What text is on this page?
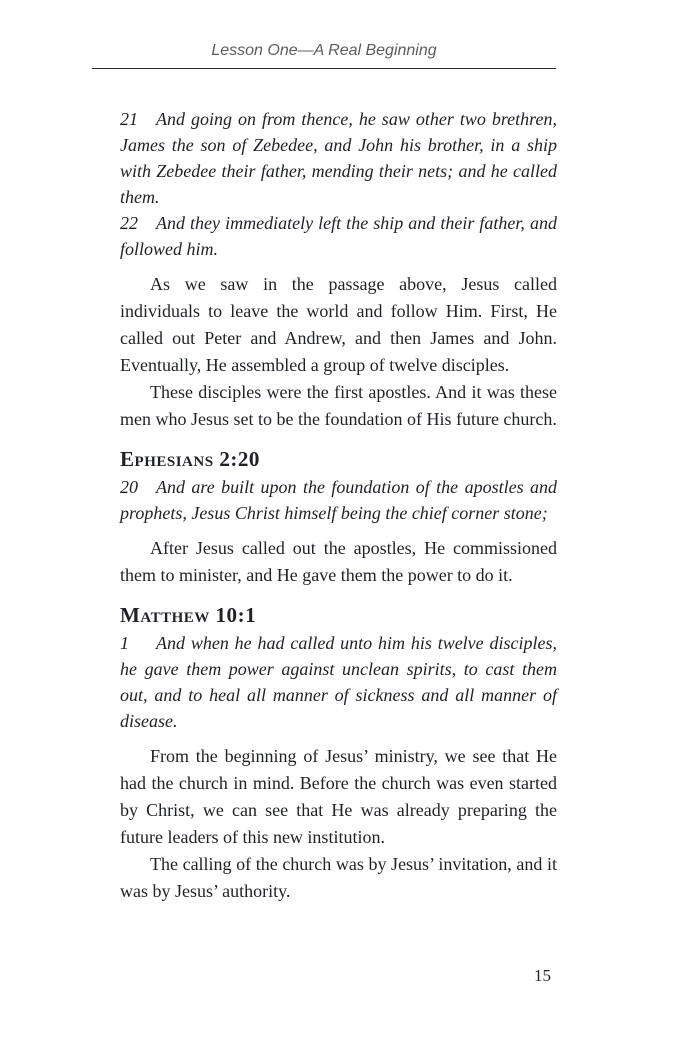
Lesson One—A Real Beginning

21 And going on from thence, he saw other two brethren, James the son of Zebedee, and John his brother, in a ship with Zebedee their father, mending their nets; and he called them.

22 And they immediately left the ship and their father, and followed him.

As we saw in the passage above, Jesus called individuals to leave the world and follow Him. First, He called out Peter and Andrew, and then James and John. Eventually, He assembled a group of twelve disciples.

These disciples were the first apostles. And it was these men who Jesus set to be the foundation of His future church.

Ephesians 2:20

20 And are built upon the foundation of the apostles and prophets, Jesus Christ himself being the chief corner stone;

After Jesus called out the apostles, He commissioned them to minister, and He gave them the power to do it.

Matthew 10:1

1 And when he had called unto him his twelve disciples, he gave them power against unclean spirits, to cast them out, and to heal all manner of sickness and all manner of disease.

From the beginning of Jesus’ ministry, we see that He had the church in mind. Before the church was even started by Christ, we can see that He was already preparing the future leaders of this new institution.

The calling of the church was by Jesus’ invitation, and it was by Jesus’ authority.

15
